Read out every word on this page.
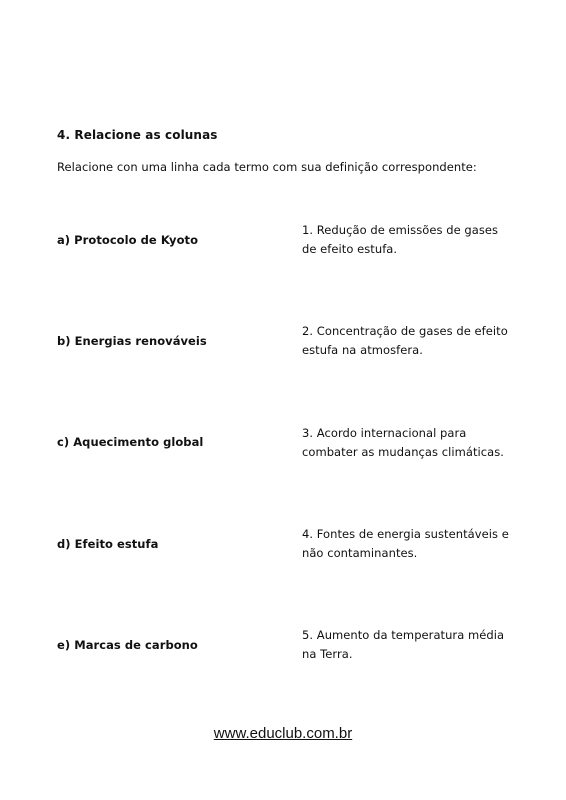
4. Relacione as colunas
Relacione con uma linha cada termo com sua definição correspondente:
a) Protocolo de Kyoto
1. Redução de emissões de gases de efeito estufa.
b) Energias renováveis
2. Concentração de gases de efeito estufa na atmosfera.
c) Aquecimento global
3. Acordo internacional para combater as mudanças climáticas.
d) Efeito estufa
4. Fontes de energia sustentáveis e não contaminantes.
e) Marcas de carbono
5. Aumento da temperatura média na Terra.
www.educlub.com.br
